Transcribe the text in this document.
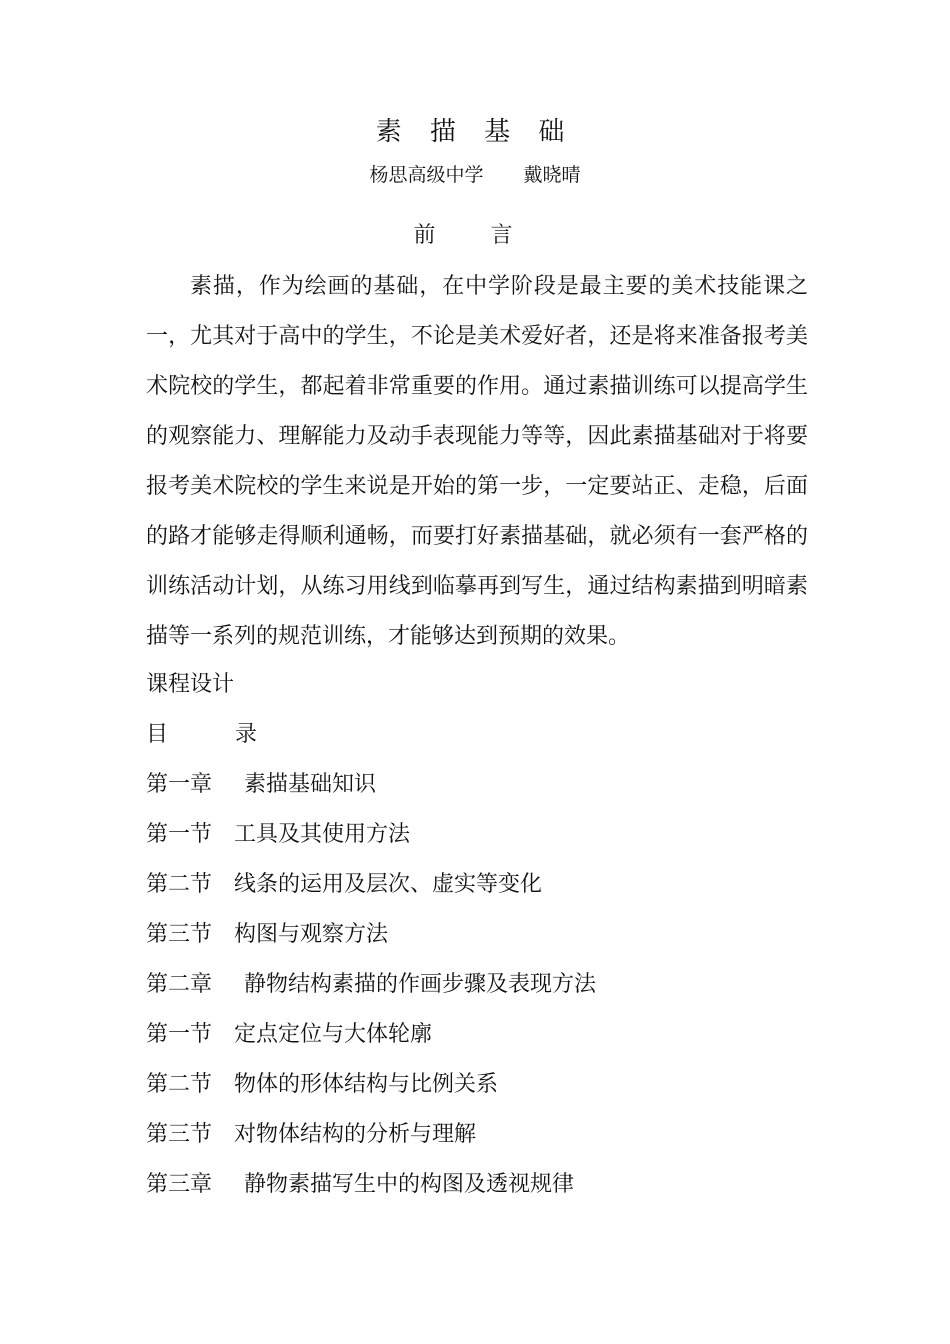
素 描 基 础
杨思高级中学 戴晓晴
前 言

素描，作为绘画的基础，在中学阶段是最主要的美术技能课之一，尤其对于高中的学生，不论是美术爱好者，还是将来准备报考美术院校的学生，都起着非常重要的作用。通过素描训练可以提高学生的观察能力、理解能力及动手表现能力等等，因此素描基础对于将要报考美术院校的学生来说是开始的第一步，一定要站正、走稳，后面的路才能够走得顺利通畅，而要打好素描基础，就必须有一套严格的训练活动计划，从练习用线到临摹再到写生，通过结构素描到明暗素描等一系列的规范训练，才能够达到预期的效果。

课程设计
目 录
第一章 素描基础知识
第一节 工具及其使用方法
第二节 线条的运用及层次、虚实等变化
第三节 构图与观察方法
第二章 静物结构素描的作画步骤及表现方法
第一节 定点定位与大体轮廓
第二节 物体的形体结构与比例关系
第三节 对物体结构的分析与理解
第三章 静物素描写生中的构图及透视规律
